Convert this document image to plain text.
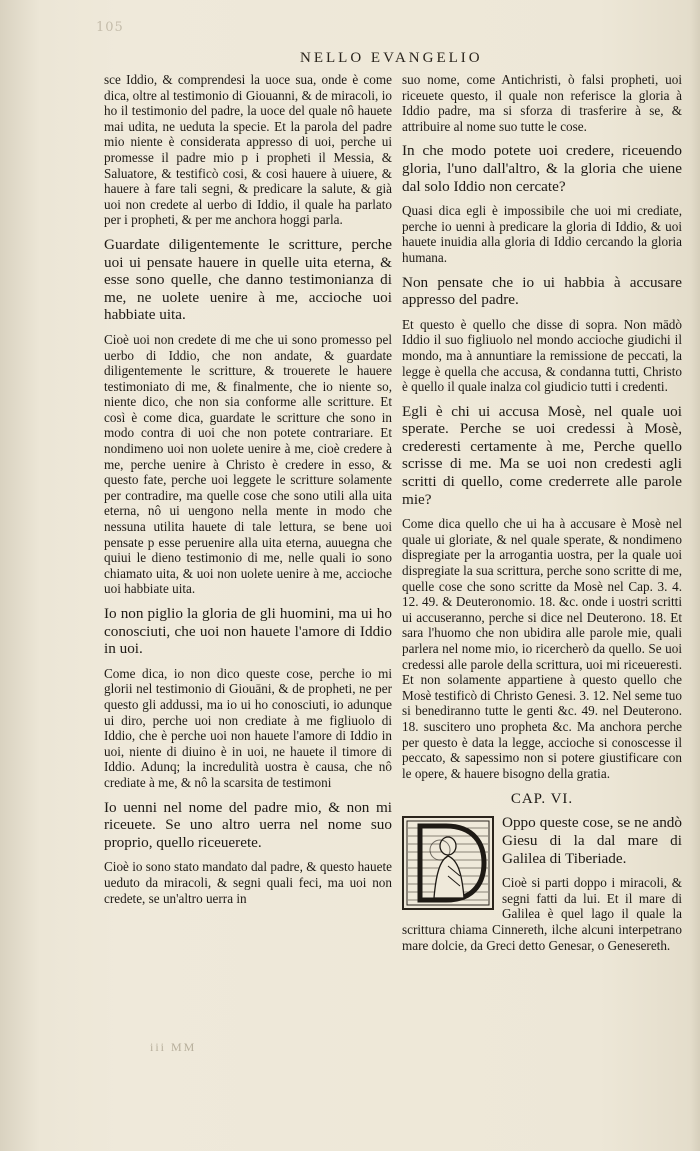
105
NELLO EVANGELIO

sce Iddio, & comprendesi la uoce sua, onde è come dica, oltre al testimonio di Giouanni, & de miracoli, io ho il testimonio del padre, la uoce del quale nô hauete mai udita, ne ueduta la specie. Et la parola del padre mio niente è considerata appresso di uoi, perche ui promesse il padre mio p i propheti il Messia, & Saluatore, & testificò cosi, & cosi hauere à uiuere, & hauere à fare tali segni, & predicare la salute, & già uoi non credete al uerbo di Iddio, il quale ha parlato per i propheti, & per me anchora hoggi parla.

Guardate diligentemente le scritture, perche uoi ui pensate hauere in quelle uita eterna, & esse sono quelle, che danno testimonianza di me, ne uolete uenire à me, accioche uoi habbiate uita.

Cioè uoi non credete di me che ui sono promesso pel uerbo di Iddio, che non andate, & guardate diligentemente le scritture, & trouerete le hauere testimoniato di me, & finalmente, che io niente so, niente dico, che non sia conforme alle scritture. Et così è come dica, guardate le scritture che sono in modo contra di uoi che non potete contrariare. Et nondimeno uoi non uolete uenire à me, cioè credere à me, perche uenire à Christo è credere in esso, & questo fate, perche uoi leggete le scritture solamente per contradire, ma quelle cose che sono utili alla uita eterna, nô ui uengono nella mente in modo che nessuna utilita hauete di tale lettura, se bene uoi pensate p esse peruenire alla uita eterna, auuegna che quiui le dieno testimonio di me, nelle quali io sono chiamato uita, & uoi non uolete uenire à me, accioche uoi habbiate uita.

Io non piglio la gloria de gli huomini, ma ui ho conosciuti, che uoi non hauete l'amore di Iddio in uoi.

Come dica, io non dico queste cose, perche io mi glorii nel testimonio di Giouāni, & de propheti, ne per questo gli addussi, ma io ui ho conosciuti, io adunque ui diro, perche uoi non crediate à me figliuolo di Iddio, che è perche uoi non hauete l'amore di Iddio in uoi, niente di diuino è in uoi, ne hauete il timore di Iddio. Adunq; la incredulità uostra è causa, che nô crediate à me, & nô la scarsita de testimoni

Io uenni nel nome del padre mio, & non mi riceuete. Se uno altro uerra nel nome suo proprio, quello riceuerete.

Cioè io sono stato mandato dal padre, & questo hauete ueduto da miracoli, & segni quali feci, ma uoi non credete, se un'altro uerra in

suo nome, come Antichristi, ò falsi propheti, uoi riceuete questo, il quale non referisce la gloria à Iddio padre, ma si sforza di trasferire à se, & attribuire al nome suo tutte le cose.

In che modo potete uoi credere, riceuendo gloria, l'uno dall'altro, & la gloria che uiene dal solo Iddio non cercate?

Quasi dica egli è impossibile che uoi mi crediate, perche io uenni à predicare la gloria di Iddio, & uoi hauete inuidia alla gloria di Iddio cercando la gloria humana.

Non pensate che io ui habbia à accusare appresso del padre.

Et questo è quello che disse di sopra. Non mādò Iddio il suo figliuolo nel mondo accioche giudichi il mondo, ma à annuntiare la remissione de peccati, la legge è quella che accusa, & condanna tutti, Christo è quello il quale inalza col giudicio tutti i credenti.

Egli è chi ui accusa Mosè, nel quale uoi sperate. Perche se uoi credessi à Mosè, crederesti certamente à me, Perche quello scrisse di me. Ma se uoi non credesti agli scritti di quello, come crederrete alle parole mie?

Come dica quello che ui ha à accusare è Mosè nel quale ui gloriate, & nel quale sperate, & nondimeno dispregiate per la arrogantia uostra, per la quale uoi dispregiate la sua scrittura, perche sono scritte di me, quelle cose che sono scritte da Mosè nel Cap. 3. 4. 12. 49. & Deuteronomio. 18. &c. onde i uostri scritti ui accuseranno, perche si dice nel Deuterono. 18. Et sara l'huomo che non ubidira alle parole mie, quali parlera nel nome mio, io ricercherò da quello. Se uoi credessi alle parole della scrittura, uoi mi riceueresti. Et non solamente appartiene à questo quello che Mosè testificò di Christo Genesi. 3. 12. Nel seme tuo si benediranno tutte le genti &c. 49. nel Deuterono. 18. suscitero uno propheta &c. Ma anchora perche per questo è data la legge, accioche si conoscesse il peccato, & sapessimo non si potere giustificare con le opere, & hauere bisogno della gratia.

CAP. VI.

Oppo queste cose, se ne andò Giesu di la dal mare di Galilea di Tiberiade.

Cioè si parti doppo i miracoli, & segni fatti da lui. Et il mare di Galilea è quel lago il quale la scrittura chiama Cinnereth, ilche alcuni interpetrano mare dolcie, da Greci detto Genesar, o Genesereth.

iii MM
